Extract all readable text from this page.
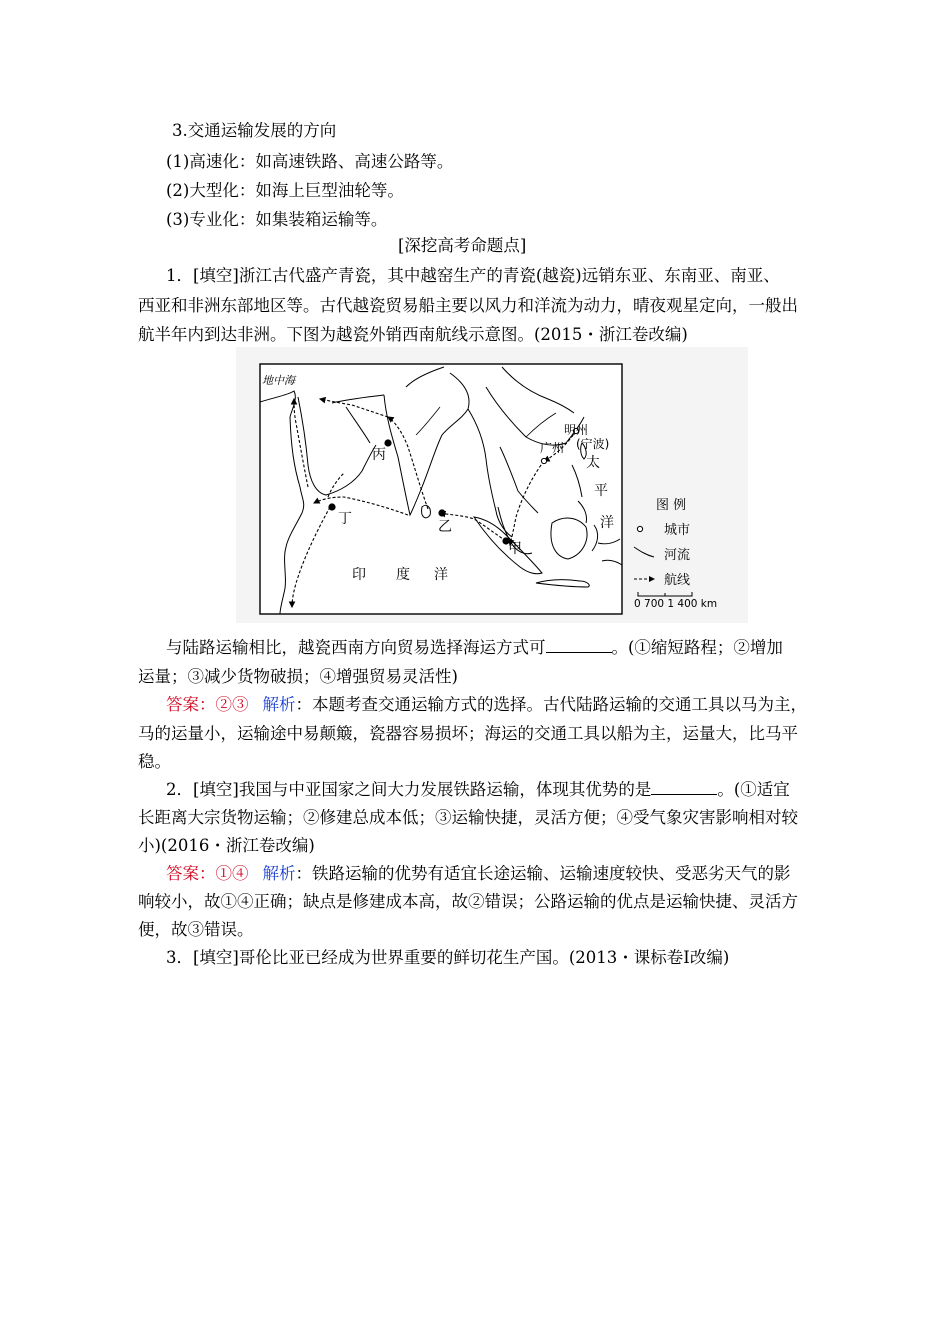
3.交通运输发展的方向
(1)高速化：如高速铁路、高速公路等。
(2)大型化：如海上巨型油轮等。
(3)专业化：如集装箱运输等。
[深挖高考命题点]
1．[填空]浙江古代盛产青瓷，其中越窑生产的青瓷(越瓷)远销东亚、东南亚、南亚、
西亚和非洲东部地区等。古代越瓷贸易船主要以风力和洋流为动力，晴夜观星定向，一般出
航半年内到达非洲。下图为越瓷外销西南航线示意图。(2015・浙江卷改编)
地中海
明州
(宁波)
广州
太
平
洋
丙
丁	乙
甲
印 度 洋
图 例
城市
河流
航线
0 700 1 400 km
与陆路运输相比，越瓷西南方向贸易选择海运方式可	。(①缩短路程；②增加
运量；③减少货物破损；④增强贸易灵活性)
答案：②③ 解析：本题考查交通运输方式的选择。古代陆路运输的交通工具以马为主，
马的运量小，运输途中易颠簸，瓷器容易损坏；海运的交通工具以船为主，运量大，比马平
稳。
2．[填空]我国与中亚国家之间大力发展铁路运输，体现其优势的是	。(①适宜
长距离大宗货物运输；②修建总成本低；③运输快捷，灵活方便；④受气象灾害影响相对较
小)(2016・浙江卷改编)
答案：①④ 解析：铁路运输的优势有适宜长途运输、运输速度较快、受恶劣天气的影
响较小，故①④正确；缺点是修建成本高，故②错误；公路运输的优点是运输快捷、灵活方
便，故③错误。
3．[填空]哥伦比亚已经成为世界重要的鲜切花生产国。(2013・课标卷Ⅰ改编)
